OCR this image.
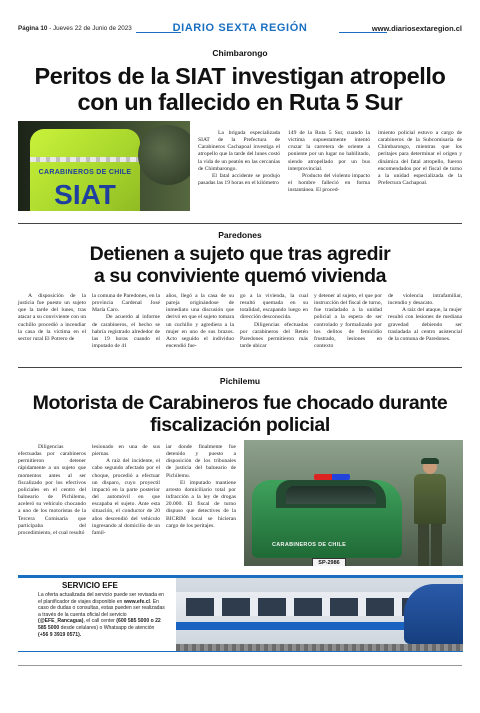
Página 10 - Jueves 22 de Junio de 2023	DIARIO SEXTA REGIÓN	www.diariosextaregion.cl
Chimbarongo
Peritos de la SIAT investigan atropello
con un fallecido en Ruta 5 Sur
CARABINEROS DE CHILE
SIAT
La brigada especializada SIAT de la Prefectura de Carabineros Cachapoal investiga el atropello que la tarde del lunes costó la vida de un peatón en las cercanías de Chimbarongo.
El fatal accidente se produjo pasadas las 19 horas en el kilómetro
149 de la Ruta 5 Sur, cuando la víctima supuestamente intentó cruzar la carretera de oriente a poniente por un lugar no habilitado, siendo atropellado por un bus interprovincial.
Producto del violento impacto el hombre falleció en forma instantánea. El proced-
imiento policial estuvo a cargo de carabineros de la Subcomisaría de Chimbarongo, mientras que los peritajes para determinar el origen y dinámica del fatal atropello, fueron encomendados por el fiscal de turno a la unidad especializada de la Prefectura Cachapoal.
Paredones
Detienen a sujeto que tras agredir
a su conviviente quemó vivienda
A disposición de la justicia fue puesto un sujeto que la tarde del lunes, tras atacar a su conviviente con un cuchillo procedió a incendiar la casa de la víctima en el sector rural El Potrero de
la comuna de Paredones, en la provincia Cardenal José María Caro.
De acuerdo al informe de carabineros, el hecho se habría registrado alrededor de las 19 horas cuando el imputado de 41
años, llegó a la casa de su pareja originándose de inmediato una discusión que derivó en que el sujeto tomara un cuchillo y agrediera a la mujer en uno de sus brazos. Acto seguido el individuo encendió fue-
go a la vivienda, la cual resultó quemada en su totalidad, escapando luego en dirección desconocida.
Diligencias efectuadas por carabineros del Retén Paredones permitieron más tarde ubicar
y detener al sujeto, el que por instrucción del fiscal de turno, fue trasladado a la unidad policial a la espera de ser controlado y formalizado por los delitos de femicidio frustrado, lesiones en contexto
de violencia intrafamiliar, incendio y desacato.
A raíz del ataque, la mujer resultó con lesiones de mediana gravedad debiendo ser trasladada al centro asistencial de la comuna de Paredones.
Pichilemu
Motorista de Carabineros fue chocado durante
fiscalización policial
Diligencias efectuadas por carabineros permitieron detener rápidamente a un sujeto que momentos antes al ser fiscalizado por los efectivos policiales en el centro del balneario de Pichilemu, aceleró su vehículo chocando a uno de los motoristas de la Tercera Comisaría que participaba del procedimiento, el cual resultó
lesionado en una de sus piernas.
A raíz del incidente, el cabo segundo afectado por el choque, procedió a efectuar un disparo, cuyo proyectil impactó en la parte posterior del automóvil en que escapaba el sujeto. Ante esta situación, el conductor de 20 años descendió del vehículo ingresando al domicilio de un famil-
iar donde finalmente fue detenido y puesto a disposición de los tribunales de justicia del balneario de Pichilemu.
El imputado mantiene arresto domiciliario total por infracción a la ley de drogas 20.000. El fiscal de turno dispuso que detectives de la BICRIM local se hicieran cargo de los peritajes.
CARABINEROS DE CHILE
SP-2986
SERVICIO EFE
La oferta actualizada del servicio puede ser revisada en el planificador de viajes disponible en www.efe.cl. En caso de dudas o consultas, estas pueden ser realizadas a través de la cuenta oficial del servicio (@EFE_Rancagua), el call center (600 585 5000 o 22 585 5000 desde celulares) o Whatsapp de atención (+56 9 3919 0571).
